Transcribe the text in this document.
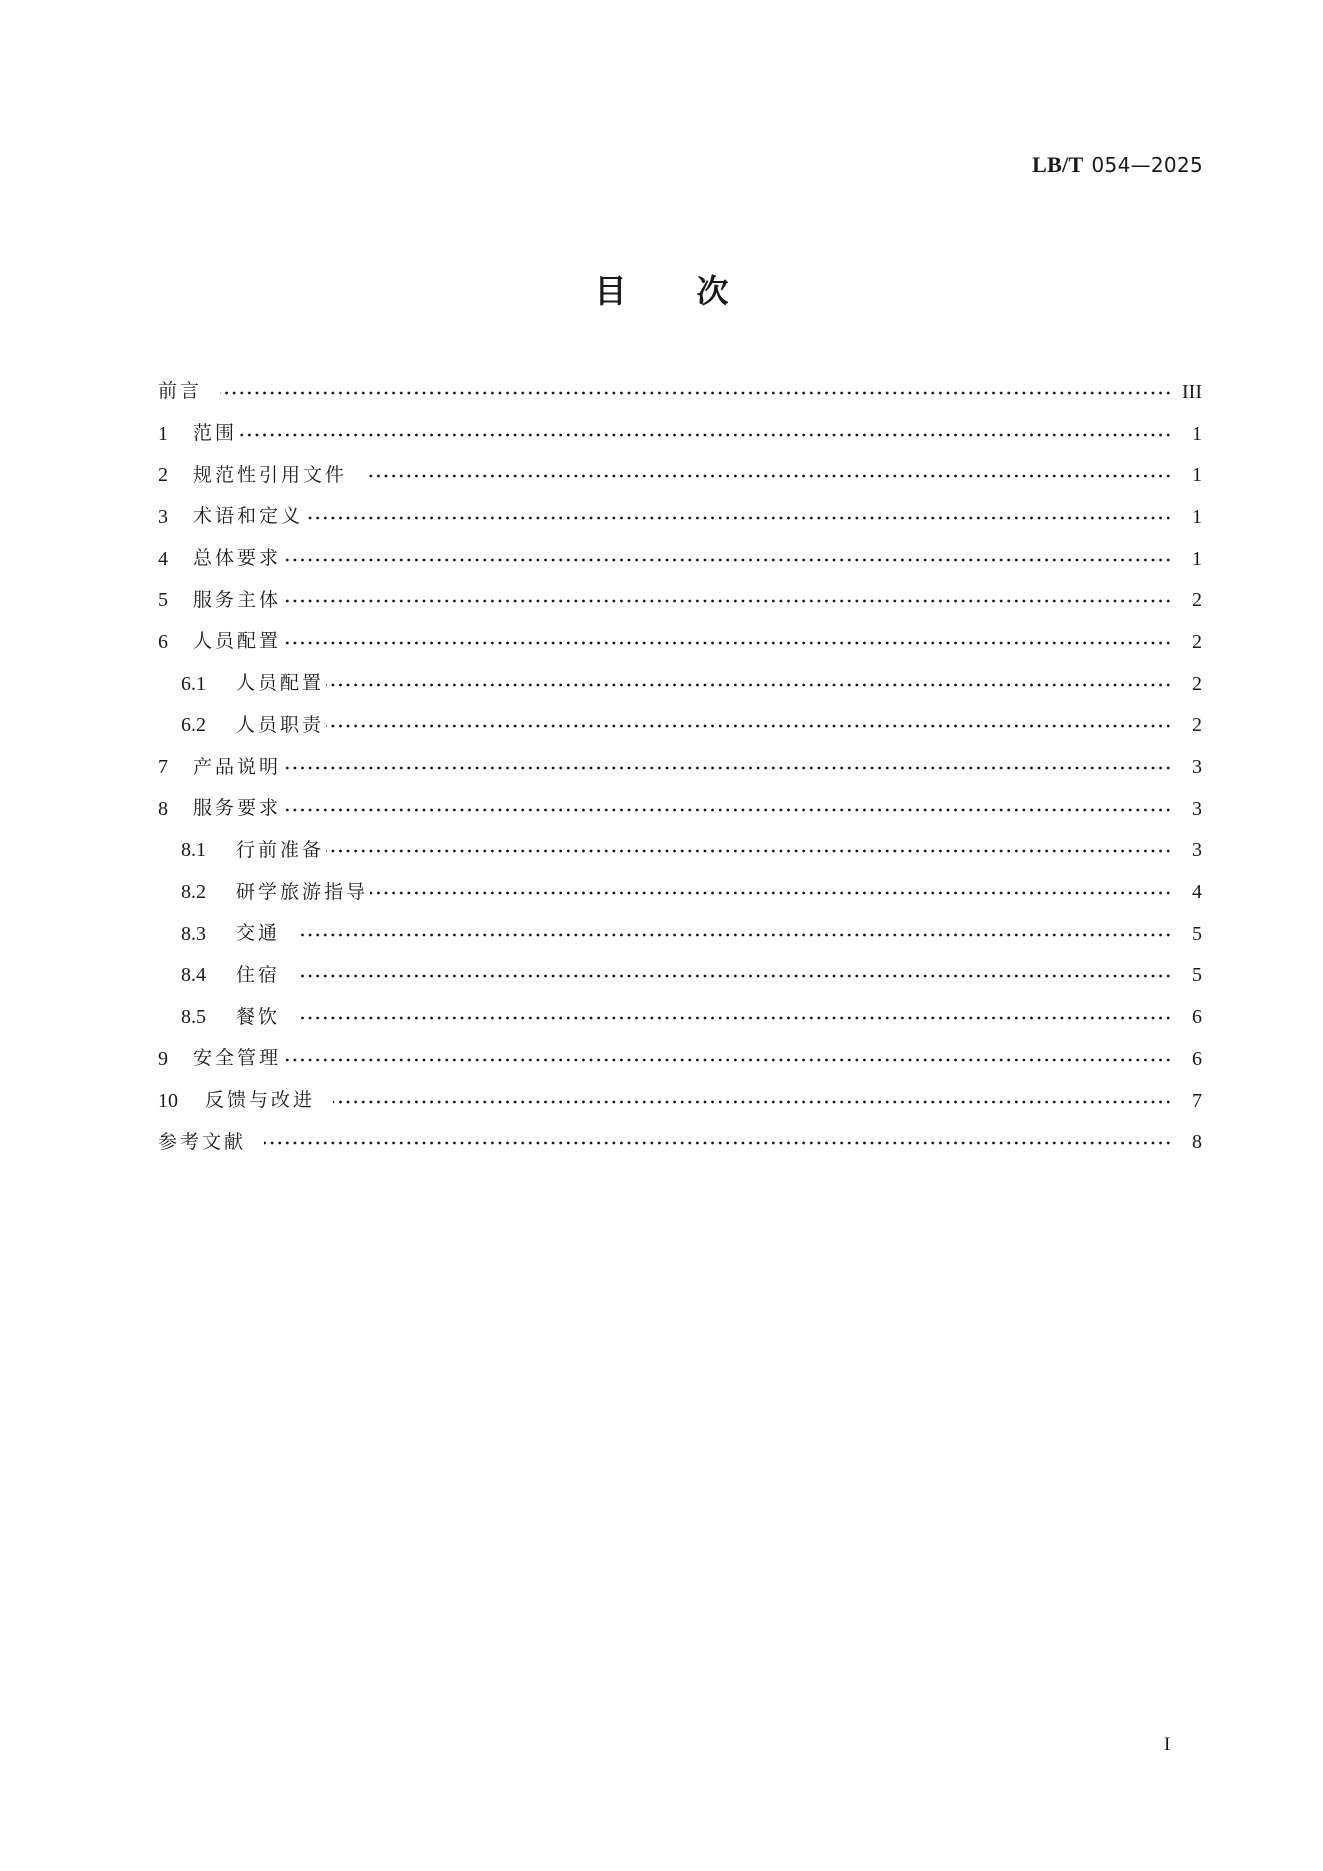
LB/T 054—2025
目 次
前言	III
1	范围	1
2	规范性引用文件	1
3	术语和定义	1
4	总体要求	1
5	服务主体	2
6	人员配置	2
6.1	人员配置	2
6.2	人员职责	2
7	产品说明	3
8	服务要求	3
8.1	行前准备	3
8.2	研学旅游指导	4
8.3	交通	5
8.4	住宿	5
8.5	餐饮	6
9	安全管理	6
10	反馈与改进	7
参考文献	8
I
